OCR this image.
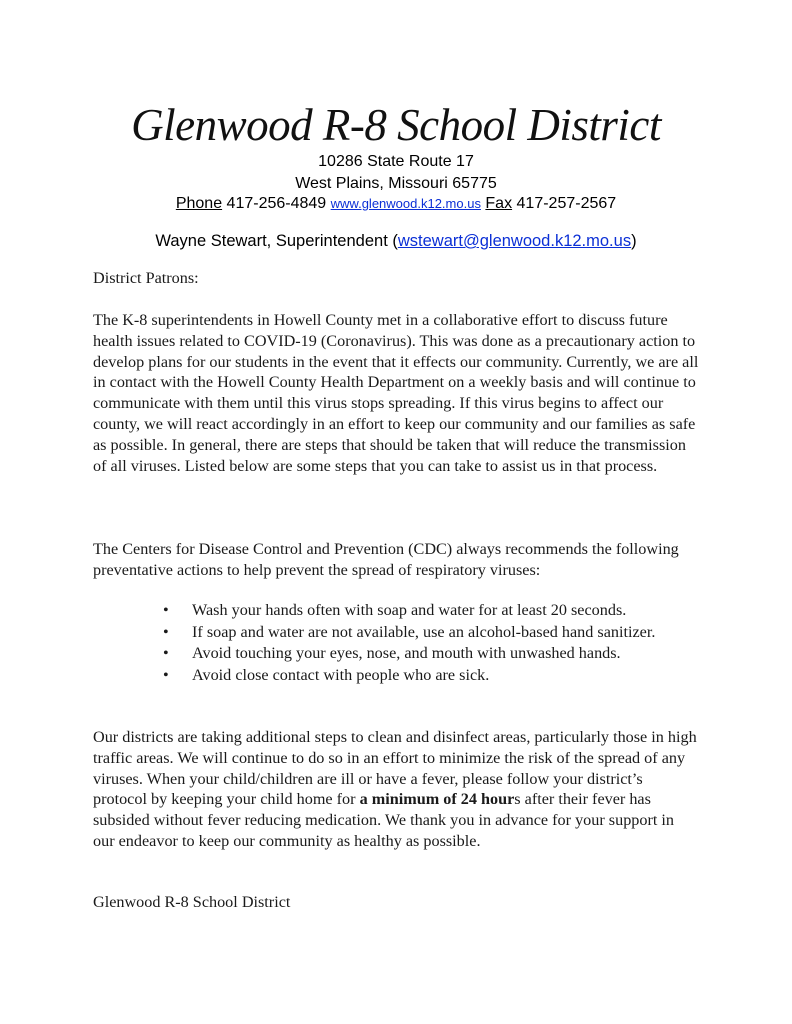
Glenwood R-8 School District
10286 State Route 17
West Plains, Missouri 65775
Phone 417-256-4849 www.glenwood.k12.mo.us Fax 417-257-2567
Wayne Stewart, Superintendent (wstewart@glenwood.k12.mo.us)
District Patrons:
The K-8 superintendents in Howell County met in a collaborative effort to discuss future health issues related to COVID-19 (Coronavirus). This was done as a precautionary action to develop plans for our students in the event that it effects our community. Currently, we are all in contact with the Howell County Health Department on a weekly basis and will continue to communicate with them until this virus stops spreading. If this virus begins to affect our county, we will react accordingly in an effort to keep our community and our families as safe as possible. In general, there are steps that should be taken that will reduce the transmission of all viruses. Listed below are some steps that you can take to assist us in that process.
The Centers for Disease Control and Prevention (CDC) always recommends the following preventative actions to help prevent the spread of respiratory viruses:
• Wash your hands often with soap and water for at least 20 seconds.
• If soap and water are not available, use an alcohol-based hand sanitizer.
• Avoid touching your eyes, nose, and mouth with unwashed hands.
• Avoid close contact with people who are sick.
Our districts are taking additional steps to clean and disinfect areas, particularly those in high traffic areas. We will continue to do so in an effort to minimize the risk of the spread of any viruses. When your child/children are ill or have a fever, please follow your district’s protocol by keeping your child home for a minimum of 24 hours after their fever has subsided without fever reducing medication. We thank you in advance for your support in our endeavor to keep our community as healthy as possible.
Glenwood R-8 School District
